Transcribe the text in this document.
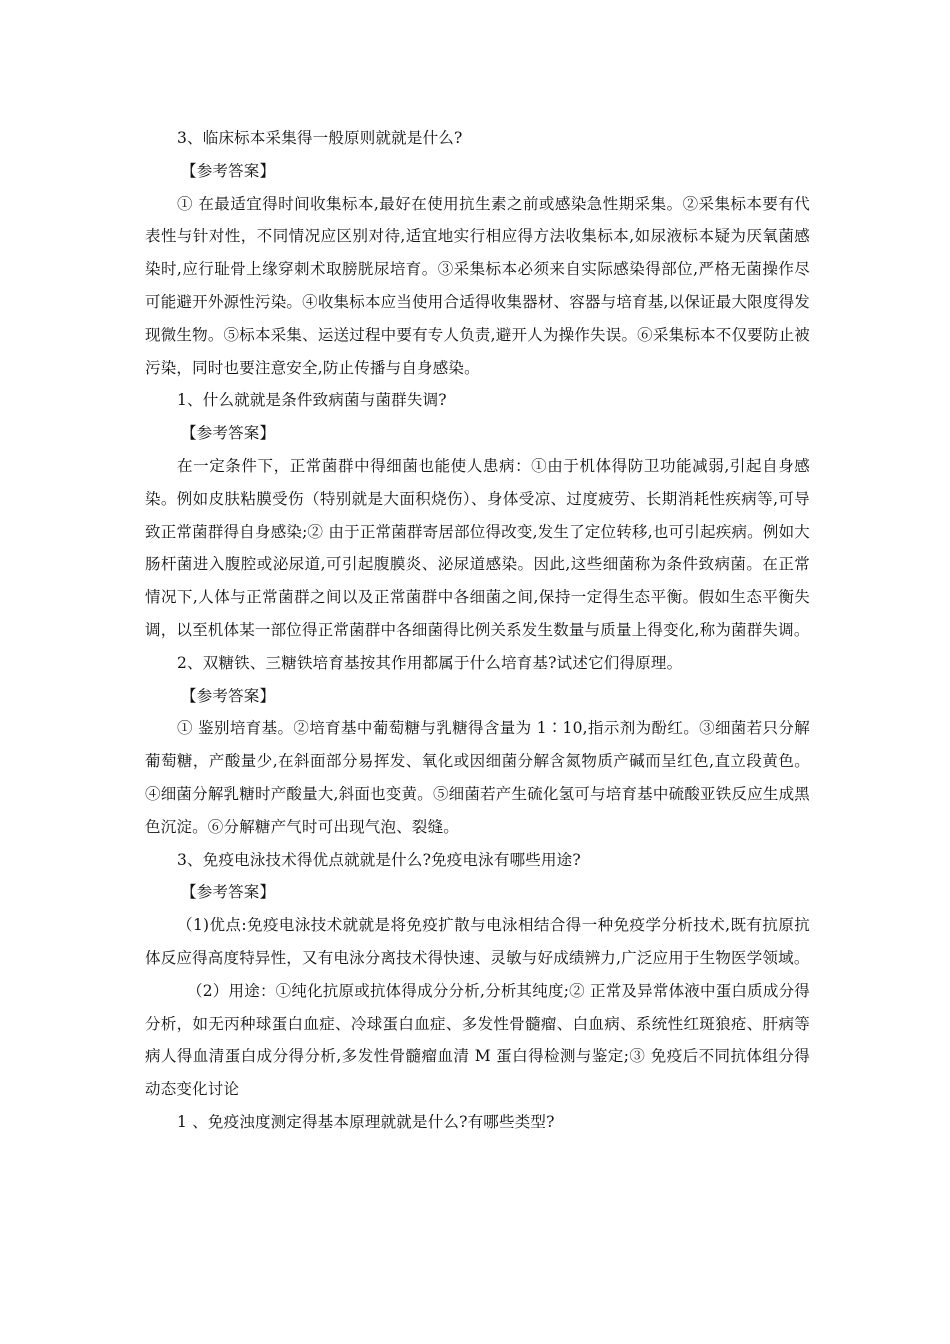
3、临床标本采集得一般原则就就是什么?

【参考答案】

① 在最适宜得时间收集标本,最好在使用抗生素之前或感染急性期采集。②采集标本要有代表性与针对性，不同情况应区别对待,适宜地实行相应得方法收集标本,如尿液标本疑为厌氧菌感染时,应行耻骨上缘穿刺术取膀胱尿培育。③采集标本必须来自实际感染得部位,严格无菌操作尽可能避开外源性污染。④收集标本应当使用合适得收集器材、容器与培育基,以保证最大限度得发现微生物。⑤标本采集、运送过程中要有专人负责,避开人为操作失误。⑥采集标本不仅要防止被污染，同时也要注意安全,防止传播与自身感染。

1、什么就就是条件致病菌与菌群失调?

【参考答案】

在一定条件下，正常菌群中得细菌也能使人患病：①由于机体得防卫功能减弱,引起自身感染。例如皮肤粘膜受伤（特别就是大面积烧伤）、身体受凉、过度疲劳、长期消耗性疾病等,可导致正常菌群得自身感染;② 由于正常菌群寄居部位得改变,发生了定位转移,也可引起疾病。例如大肠杆菌进入腹腔或泌尿道,可引起腹膜炎、泌尿道感染。因此,这些细菌称为条件致病菌。在正常情况下,人体与正常菌群之间以及正常菌群中各细菌之间,保持一定得生态平衡。假如生态平衡失调，以至机体某一部位得正常菌群中各细菌得比例关系发生数量与质量上得变化,称为菌群失调。

2、双糖铁、三糖铁培育基按其作用都属于什么培育基?试述它们得原理。

【参考答案】

① 鉴别培育基。②培育基中葡萄糖与乳糖得含量为 1∶10,指示剂为酚红。③细菌若只分解葡萄糖，产酸量少,在斜面部分易挥发、氧化或因细菌分解含氮物质产碱而呈红色,直立段黄色。④细菌分解乳糖时产酸量大,斜面也变黄。⑤细菌若产生硫化氢可与培育基中硫酸亚铁反应生成黑色沉淀。⑥分解糖产气时可出现气泡、裂缝。

3、免疫电泳技术得优点就就是什么?免疫电泳有哪些用途?

【参考答案】

（1)优点:免疫电泳技术就就是将免疫扩散与电泳相结合得一种免疫学分析技术,既有抗原抗体反应得高度特异性，又有电泳分离技术得快速、灵敏与好成绩辨力,广泛应用于生物医学领域。

（2）用途：①纯化抗原或抗体得成分分析,分析其纯度;② 正常及异常体液中蛋白质成分得分析，如无丙种球蛋白血症、冷球蛋白血症、多发性骨髓瘤、白血病、系统性红斑狼疮、肝病等病人得血清蛋白成分得分析,多发性骨髓瘤血清 M 蛋白得检测与鉴定;③ 免疫后不同抗体组分得动态变化讨论

1 、免疫浊度测定得基本原理就就是什么?有哪些类型?
